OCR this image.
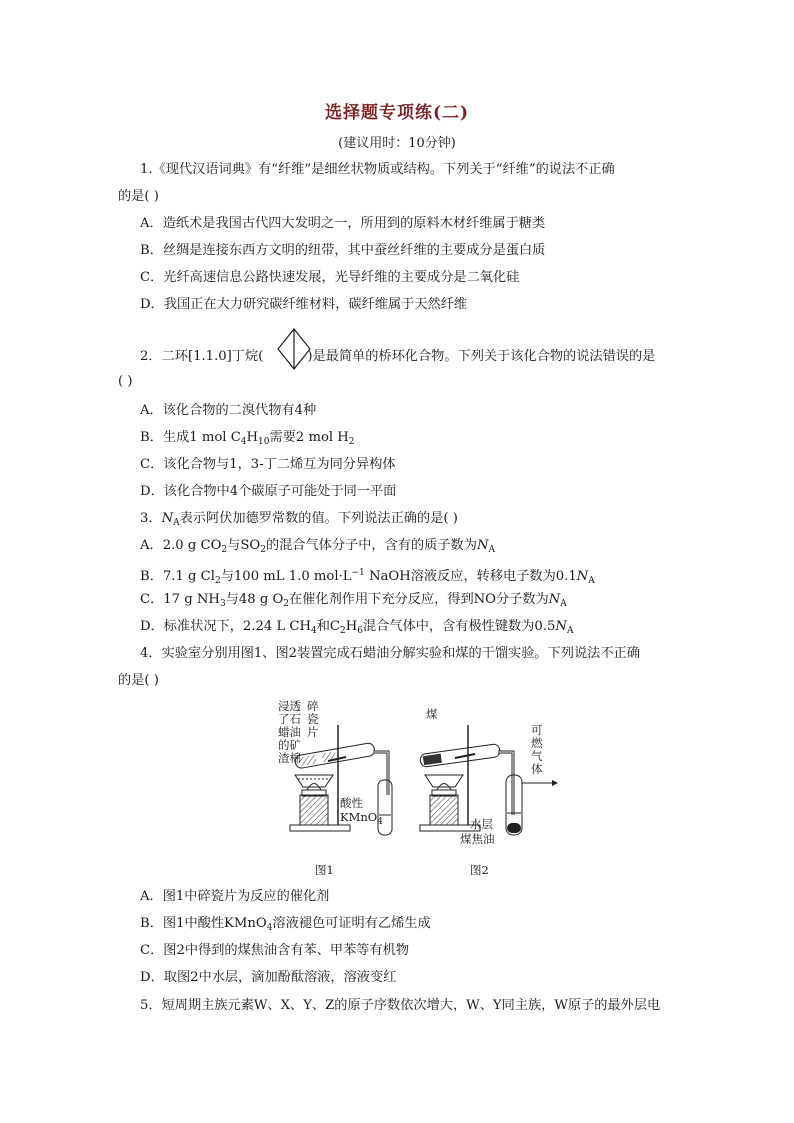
选择题专项练(二)
(建议用时：10分钟)
1.《现代汉语词典》有“纤维”是细丝状物质或结构。下列关于“纤维”的说法不正确
的是( )
A．造纸术是我国古代四大发明之一，所用到的原料木材纤维属于糖类
B．丝绸是连接东西方文明的纽带，其中蚕丝纤维的主要成分是蛋白质
C．光纤高速信息公路快速发展，光导纤维的主要成分是二氧化硅
D．我国正在大力研究碳纤维材料，碳纤维属于天然纤维
2．二环[1.1.0]丁烷(	)是最简单的桥环化合物。下列关于该化合物的说法错误的是
( )
A．该化合物的二溴代物有4种
B．生成1 mol $C_4H_{10}$需要2 mol $H_2$
C．该化合物与1，3-丁二烯互为同分异构体
D．该化合物中4个碳原子可能处于同一平面
3．$N_A$表示阿伏加德罗常数的值。下列说法正确的是( )
A．2.0 g $CO_2$与$SO_2$的混合气体分子中，含有的质子数为$N_A$
B．7.1 g $Cl_2$与100 mL 1.0 $mol\cdot L^{-1}$ NaOH溶液反应，转移电子数为$0.1N_A$
C．17 g $NH_3$与48 g $O_2$在催化剂作用下充分反应，得到NO分子数为$N_A$
D．标准状况下，2.24 L $CH_4$和$C_2H_6$混合气体中，含有极性键数为$0.5N_A$
4．实验室分别用图1、图2装置完成石蜡油分解实验和煤的干馏实验。下列说法不正确
的是( )
浸透
了石
蜡油
的矿
渣棉
碎
瓷
片
酸性
KMnO$_4$
煤
可
燃
气
体
水层
煤焦油
图1	图2
A．图1中碎瓷片为反应的催化剂
B．图1中酸性KMnO$_4$溶液褪色可证明有乙烯生成
C．图2中得到的煤焦油含有苯、甲苯等有机物
D．取图2中水层，滴加酚酞溶液，溶液变红
5．短周期主族元素W、X、Y、Z的原子序数依次增大，W、Y同主族，W原子的最外层电
